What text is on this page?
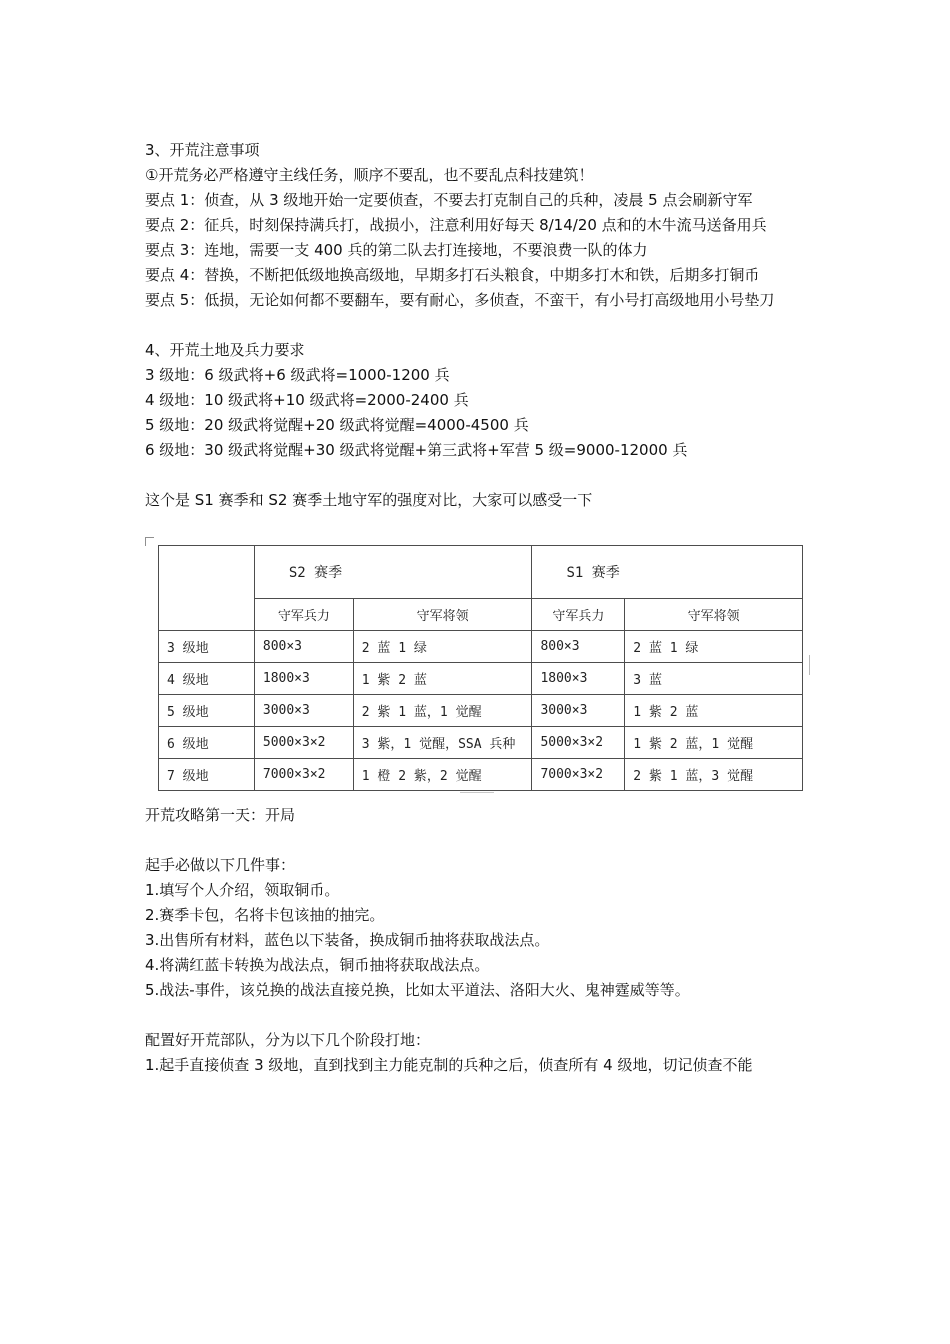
3、开荒注意事项

①开荒务必严格遵守主线任务，顺序不要乱，也不要乱点科技建筑！

要点 1：侦查，从 3 级地开始一定要侦查，不要去打克制自己的兵种，凌晨 5 点会刷新守军

要点 2：征兵，时刻保持满兵打，战损小，注意利用好每天 8/14/20 点和的木牛流马送备用兵

要点 3：连地，需要一支 400 兵的第二队去打连接地，不要浪费一队的体力

要点 4：替换，不断把低级地换高级地，早期多打石头粮食，中期多打木和铁，后期多打铜币

要点 5：低损，无论如何都不要翻车，要有耐心，多侦查，不蛮干，有小号打高级地用小号垫刀

4、开荒土地及兵力要求

3 级地：6 级武将+6 级武将=1000-1200 兵

4 级地：10 级武将+10 级武将=2000-2400 兵

5 级地：20 级武将觉醒+20 级武将觉醒=4000-4500 兵

6 级地：30 级武将觉醒+30 级武将觉醒+第三武将+军营 5 级=9000-12000 兵

这个是 S1 赛季和 S2 赛季土地守军的强度对比，大家可以感受一下

	S2 赛季		S1 赛季	
	守军兵力	守军将领	守军兵力	守军将领
3 级地	800×3	2 蓝 1 绿	800×3	2 蓝 1 绿
4 级地	1800×3	1 紫 2 蓝	1800×3	3 蓝
5 级地	3000×3	2 紫 1 蓝，1 觉醒	3000×3	1 紫 2 蓝
6 级地	5000×3×2	3 紫，1 觉醒，SSA 兵种	5000×3×2	1 紫 2 蓝，1 觉醒
7 级地	7000×3×2	1 橙 2 紫，2 觉醒	7000×3×2	2 紫 1 蓝，3 觉醒

开荒攻略第一天：开局

起手必做以下几件事：

1.填写个人介绍，领取铜币。

2.赛季卡包，名将卡包该抽的抽完。

3.出售所有材料，蓝色以下装备，换成铜币抽将获取战法点。

4.将满红蓝卡转换为战法点，铜币抽将获取战法点。

5.战法-事件，该兑换的战法直接兑换，比如太平道法、洛阳大火、鬼神霆威等等。

配置好开荒部队，分为以下几个阶段打地：

1.起手直接侦查 3 级地，直到找到主力能克制的兵种之后，侦查所有 4 级地，切记侦查不能
